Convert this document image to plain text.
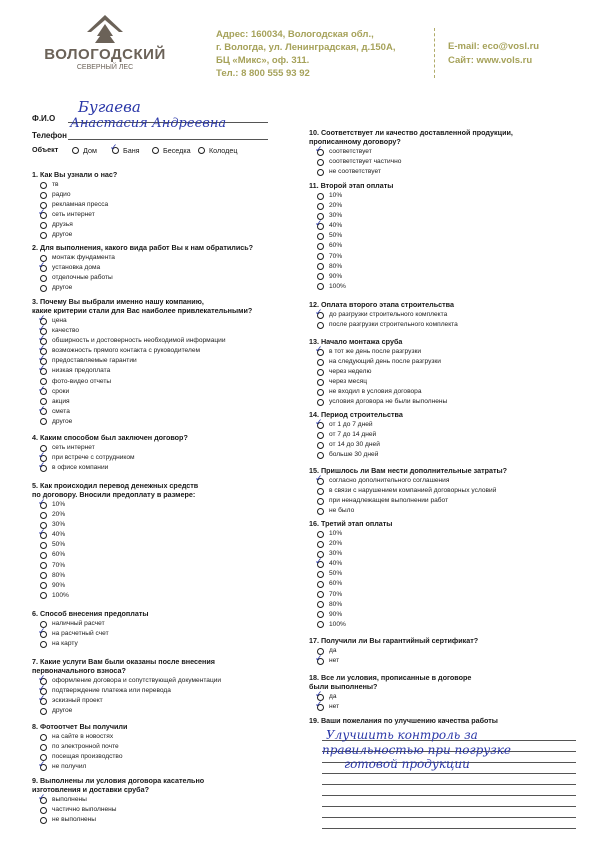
ВОЛОГОДСКИЙ
СЕВЕРНЫЙ ЛЕС
Адрес: 160034, Вологодская обл.,
г. Вологда, ул. Ленинградская, д.150А,
БЦ «Микс», оф. 311.
Тел.: 8 800 555 93 92
E-mail: eco@vosl.ru
Сайт: www.vols.ru
Ф.И.О
Бугаева
Анастасия Андреевна
Телефон
Объект	Дом ✓ Баня	Беседка	Колодец
1. Как Вы узнали о нас?
тв
радио
рекламная пресса
✓ сеть интернет
друзья
другое
2. Для выполнения, какого вида работ Вы к нам обратились?
монтаж фундамента
✓ установка дома
отделочные работы
другое
3. Почему Вы выбрали именно нашу компанию,
какие критерии стали для Вас наиболее привлекательными?
✓ цена
✓ качество
✓ обширность и достоверность необходимой информации
✓ возможность прямого контакта с руководителем
✓ предоставляемые гарантии
✓ низкая предоплата
фото-видео отчеты
✓ сроки
акция
✓ смета
другое
4. Каким способом был заключен договор?
сеть интернет
✓ при встрече с сотрудником
✓ в офисе компании
5. Как происходил перевод денежных средств
по договору. Вносили предоплату в размере:
✓ 10%
20%
30%
✓ 40%
50%
60%
70%
80%
90%
100%
6. Способ внесения предоплаты
наличный расчет
✓ на расчетный счет
на карту
7. Какие услуги Вам были оказаны после внесения
первоначального взноса?
✓ оформление договора и сопутствующей документации
✓ подтверждение платежа или перевода
✓ эскизный проект
другое
8. Фотоотчет Вы получили
на сайте в новостях
по электронной почте
посещая производство
✓ не получил
9. Выполнены ли условия договора касательно
изготовления и доставки сруба?
✓ выполнены
частично выполнены
не выполнены
10. Соответствует ли качество доставленной продукции,
прописанному договору?
✓ соответствует
соответствует частично
не соответствует
11. Второй этап оплаты
10%
20%
30%
✓ 40%
50%
60%
70%
80%
90%
100%
12. Оплата второго этапа строительства
✓ до разгрузки строительного комплекта
после разгрузки строительного комплекта
13. Начало монтажа сруба
✓ в тот же день после разгрузки
на следующий день после разгрузки
через неделю
через месяц
не входил в условия договора
условия договора не были выполнены
14. Период строительства
✓ от 1 до 7 дней
от 7 до 14 дней
от 14 до 30 дней
больше 30 дней
15. Пришлось ли Вам нести дополнительные затраты?
✓ согласно дополнительного соглашения
в связи с нарушением компанией договорных условий
при ненадлежащем выполнении работ
не было
16. Третий этап оплаты
10%
20%
30%
✓ 40%
50%
60%
70%
80%
90%
100%
17. Получили ли Вы гарантийный сертификат?
да
✓ нет
18. Все ли условия, прописанные в договоре
были выполнены?
✓ да
✓ нет
19. Ваши пожелания по улучшению качества работы
Улучшить контроль за
правильностью при погрузке
готовой продукции
